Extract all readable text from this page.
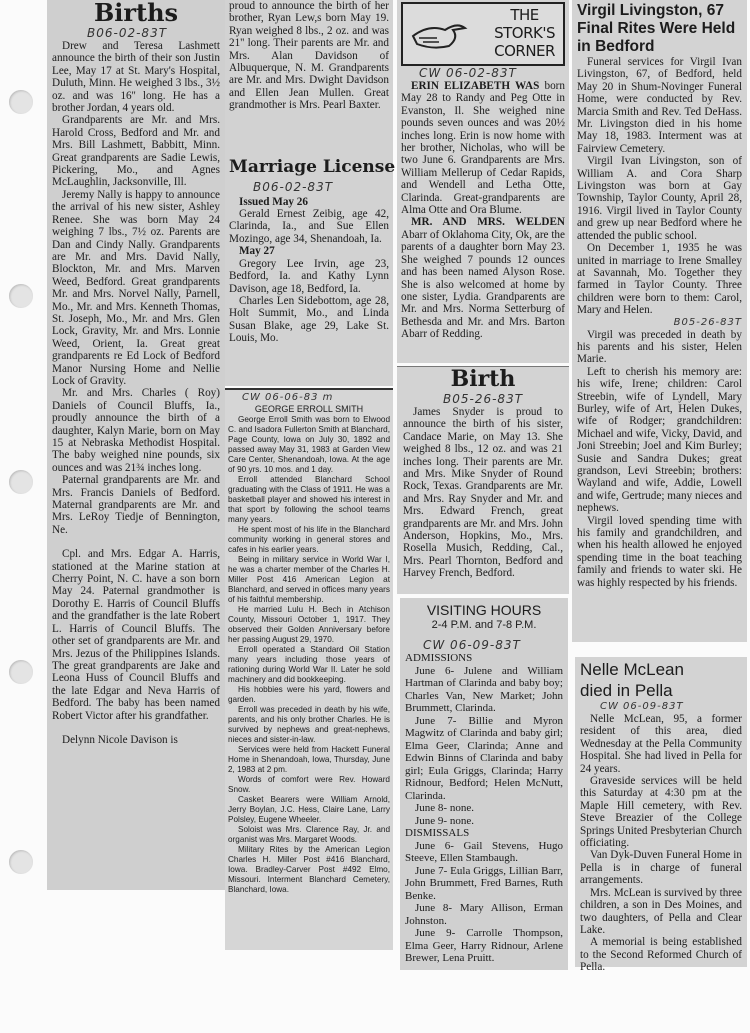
Births
B06-02-83T

Drew and Teresa Lashmett announce the birth of their son Justin Lee, May 17 at St. Mary's Hospital, Duluth, Minn. He weighed 3 lbs., 3½ oz. and was 16'' long. He has a brother Jordan, 4 years old.

Grandparents are Mr. and Mrs. Harold Cross, Bedford and Mr. and Mrs. Bill Lashmett, Babbitt, Minn. Great grandparents are Sadie Lewis, Pickering, Mo., and Agnes McLaughlin, Jacksonville, Ill.

Jeremy Nally is happy to announce the arrival of his new sister, Ashley Renee. She was born May 24 weighing 7 lbs., 7½ oz. Parents are Dan and Cindy Nally. Grandparents are Mr. and Mrs. David Nally, Blockton, Mr. and Mrs. Marven Weed, Bedford. Great grandparents Mr. and Mrs. Norvel Nally, Parnell, Mo., Mr. and Mrs. Kenneth Thomas, St. Joseph, Mo., Mr. and Mrs. Glen Lock, Gravity, Mr. and Mrs. Lonnie Weed, Orient, Ia. Great great grandparents re Ed Lock of Bedford Manor Nursing Home and Nellie Lock of Gravity.

Mr. and Mrs. Charles ( Roy) Daniels of Council Bluffs, Ia., proudly announce the birth of a daughter, Kalyn Marie, born on May 15 at Nebraska Methodist Hospital. The baby weighed nine pounds, six ounces and was 21¾ inches long.

Paternal grandparents are Mr. and Mrs. Francis Daniels of Bedford. Maternal grandparents are Mr. and Mrs. LeRoy Tiedje of Bennington, Ne.

Cpl. and Mrs. Edgar A. Harris, stationed at the Marine station at Cherry Point, N. C. have a son born May 24. Paternal grandmother is Dorothy E. Harris of Council Bluffs and the grandfather is the late Robert L. Harris of Council Bluffs. The other set of grandparents are Mr. and Mrs. Jezus of the Philippines Islands. The great grandparents are Jake and Leona Huss of Council Bluffs and the late Edgar and Neva Harris of Bedford. The baby has been named Robert Victor after his grandfather.

Delynn Nicole Davison is

proud to announce the birth of her brother, Ryan Lew,s born May 19. Ryan weighed 8 lbs., 2 oz. and was 21'' long. Their parents are Mr. and Mrs. Alan Davidson of Albuquerque, N. M. Grandparents are Mr. and Mrs. Dwight Davidson and Ellen Jean Mullen. Great grandmother is Mrs. Pearl Baxter.

Marriage License
B06-02-83T

Issued May 26

Gerald Ernest Zeibig, age 42, Clarinda, Ia., and Sue Ellen Mozingo, age 34, Shenandoah, Ia.

May 27

Gregory Lee Irvin, age 23, Bedford, Ia. and Kathy Lynn Davison, age 18, Bedford, Ia.

Charles Len Sidebottom, age 28, Holt Summit, Mo., and Linda Susan Blake, age 29, Lake St. Louis, Mo.

CW 06-06-83 m
GEORGE ERROLL SMITH

George Erroll Smith was born to Elwood C. and Isadora Fullerton Smith at Blanchard, Page County, Iowa on July 30, 1892 and passed away May 31, 1983 at Garden View Care Center, Shenandoah, Iowa. At the age of 90 yrs. 10 mos. and 1 day.

Erroll attended Blanchard School graduating with the Class of 1911. He was a basketball player and showed his interest in that sport by following the school teams many years.

He spent most of his life in the Blanchard community working in general stores and cafes in his earlier years.

Being in military service in World War I, he was a charter member of the Charles H. Miller Post 416 American Legion at Blanchard, and served in offices many years of his faithful membership.

He married Lulu H. Bech in Atchison County, Missouri October 1, 1917. They observed their Golden Anniversary before her passing August 29, 1970.

Erroll operated a Standard Oil Station many years including those years of rationing during World War II. Later he sold machinery and did bookkeeping.

His hobbies were his yard, flowers and garden.

Erroll was preceded in death by his wife, parents, and his only brother Charles. He is survived by nephews and great-nephews, nieces and sister-in-law.

Services were held from Hackett Funeral Home in Shenandoah, Iowa, Thursday, June 2, 1983 at 2 pm.

Words of comfort were Rev. Howard Snow.

Casket Bearers were William Arnold, Jerry Boylan, J.C. Hess, Claire Lane, Larry Polsley, Eugene Wheeler.

Soloist was Mrs. Clarence Ray, Jr. and organist was Mrs. Margaret Woods.

Military Rites by the American Legion Charles H. Miller Post #416 Blanchard, Iowa. Bradley-Carver Post #492 Elmo, Missouri. Interment Blanchard Cemetery, Blanchard, Iowa.

THE
STORK'S
CORNER
CW 06-02-83T

ERIN ELIZABETH WAS born May 28 to Randy and Peg Otte in Evanston, Il. She weighed nine pounds seven ounces and was 20½ inches long. Erin is now home with her brother, Nicholas, who will be two June 6. Grandparents are Mrs. William Mellerup of Cedar Rapids, and Wendell and Letha Otte, Clarinda. Great-grandparents are Alma Otte and Ora Blume.

MR. AND MRS. WELDEN Abarr of Oklahoma City, Ok, are the parents of a daughter born May 23. She weighed 7 pounds 12 ounces and has been named Alyson Rose. She is also welcomed at home by one sister, Lydia. Grandparents are Mr. and Mrs. Norma Setterburg of Bethesda and Mr. and Mrs. Barton Abarr of Redding.

Birth
B05-26-83T

James Snyder is proud to announce the birth of his sister, Candace Marie, on May 13. She weighed 8 lbs., 12 oz. and was 21 inches long. Their parents are Mr. and Mrs. Mike Snyder of Round Rock, Texas. Grandparents are Mr. and Mrs. Ray Snyder and Mr. and Mrs. Edward French, great grandparents are Mr. and Mrs. John Anderson, Hopkins, Mo., Mrs. Rosella Musich, Redding, Cal., Mrs. Pearl Thornton, Bedford and Harvey French, Bedford.

VISITING HOURS
2-4 P.M. and 7-8 P.M.
CW 06-09-83T
ADMISSIONS

June 6- Julene and William Hartman of Clarinda and baby boy; Charles Van, New Market; John Brummett, Clarinda.

June 7- Billie and Myron Magwitz of Clarinda and baby girl; Elma Geer, Clarinda; Anne and Edwin Binns of Clarinda and baby girl; Eula Griggs, Clarinda; Harry Ridnour, Bedford; Helen McNutt, Clarinda.

June 8- none.

June 9- none.

DISMISSALS

June 6- Gail Stevens, Hugo Steeve, Ellen Stambaugh.

June 7- Eula Griggs, Lillian Barr, John Brummett, Fred Barnes, Ruth Benke.

June 8- Mary Allison, Erman Johnston.

June 9- Carrolle Thompson, Elma Geer, Harry Ridnour, Arlene Brewer, Lena Pruitt.

Virgil Livingston, 67 Final Rites Were Held in Bedford

Funeral services for Virgil Ivan Livingston, 67, of Bedford, held May 20 in Shum-Novinger Funeral Home, were conducted by Rev. Marcia Smith and Rev. Ted DeHass. Mr. Livingston died in his home May 18, 1983. Interment was at Fairview Cemetery.

Virgil Ivan Livingston, son of William A. and Cora Sharp Livingston was born at Gay Township, Taylor County, April 28, 1916. Virgil lived in Taylor County and grew up near Bedford where he attended the public school.

On December 1, 1935 he was united in marriage to Irene Smalley at Savannah, Mo. Together they farmed in Taylor County. Three children were born to them: Carol, Mary and Helen.

B05-26-83T

Virgil was preceded in death by his parents and his sister, Helen Marie.

Left to cherish his memory are: his wife, Irene; children: Carol Streebin, wife of Lyndell, Mary Burley, wife of Art, Helen Dukes, wife of Rodger; grandchildren: Michael and wife, Vicky, David, and Joni Streebin; Joel and Kim Burley; Susie and Sandra Dukes; great grandson, Levi Streebin; brothers: Wayland and wife, Addie, Lowell and wife, Gertrude; many nieces and nephews.

Virgil loved spending time with his family and grandchildren, and when his health allowed he enjoyed spending time in the boat teaching family and friends to water ski. He was highly respected by his friends.

Nelle McLean died in Pella
CW 06-09-83T

Nelle McLean, 95, a former resident of this area, died Wednesday at the Pella Community Hospital. She had lived in Pella for 24 years.

Graveside services will be held this Saturday at 4:30 pm at the Maple Hill cemetery, with Rev. Steve Breazier of the College Springs United Presbyterian Church officiating.

Van Dyk-Duven Funeral Home in Pella is in charge of funeral arrangements.

Mrs. McLean is survived by three children, a son in Des Moines, and two daughters, of Pella and Clear Lake.

A memorial is being established to the Second Reformed Church of Pella.
